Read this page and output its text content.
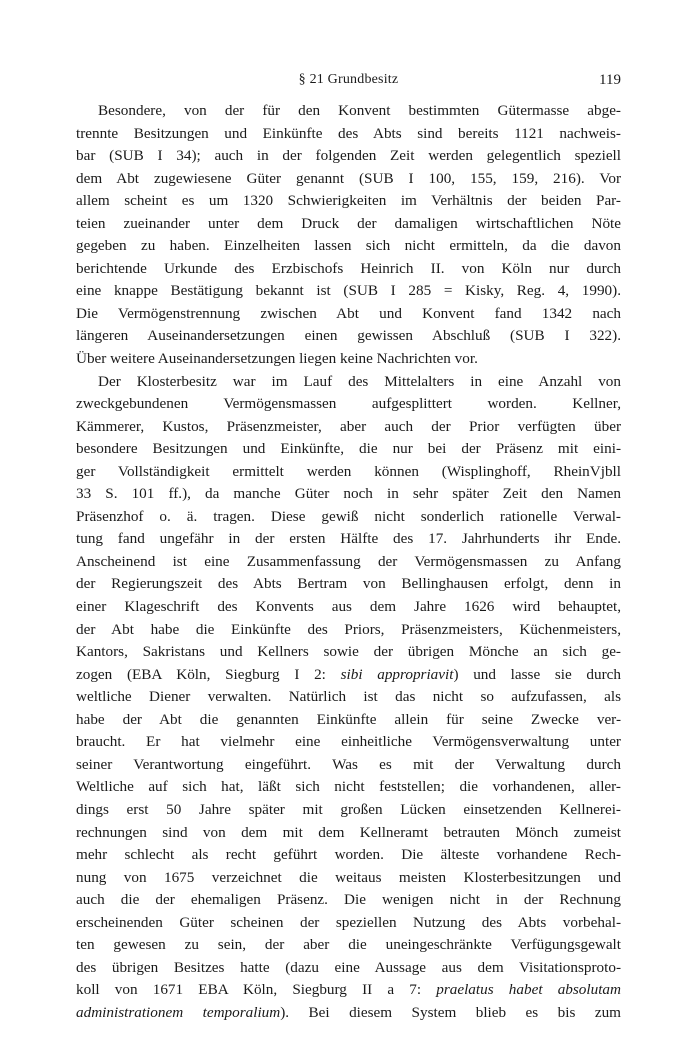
§ 21 Grundbesitz	119
Besondere, von der für den Konvent bestimmten Gütermasse abge-
trennte Besitzungen und Einkünfte des Abts sind bereits 1121 nachweis-
bar (SUB I 34); auch in der folgenden Zeit werden gelegentlich speziell
dem Abt zugewiesene Güter genannt (SUB I 100, 155, 159, 216). Vor
allem scheint es um 1320 Schwierigkeiten im Verhältnis der beiden Par-
teien zueinander unter dem Druck der damaligen wirtschaftlichen Nöte
gegeben zu haben. Einzelheiten lassen sich nicht ermitteln, da die davon
berichtende Urkunde des Erzbischofs Heinrich II. von Köln nur durch
eine knappe Bestätigung bekannt ist (SUB I 285 = Kisky, Reg. 4, 1990).
Die Vermögenstrennung zwischen Abt und Konvent fand 1342 nach
längeren Auseinandersetzungen einen gewissen Abschluß (SUB I 322).
Über weitere Auseinandersetzungen liegen keine Nachrichten vor.
Der Klosterbesitz war im Lauf des Mittelalters in eine Anzahl von
zweckgebundenen Vermögensmassen aufgesplittert worden. Kellner,
Kämmerer, Kustos, Präsenzmeister, aber auch der Prior verfügten über
besondere Besitzungen und Einkünfte, die nur bei der Präsenz mit eini-
ger Vollständigkeit ermittelt werden können (Wisplinghoff, RheinVjbll
33 S. 101 ff.), da manche Güter noch in sehr später Zeit den Namen
Präsenzhof o. ä. tragen. Diese gewiß nicht sonderlich rationelle Verwal-
tung fand ungefähr in der ersten Hälfte des 17. Jahrhunderts ihr Ende.
Anscheinend ist eine Zusammenfassung der Vermögensmassen zu Anfang
der Regierungszeit des Abts Bertram von Bellinghausen erfolgt, denn in
einer Klageschrift des Konvents aus dem Jahre 1626 wird behauptet,
der Abt habe die Einkünfte des Priors, Präsenzmeisters, Küchenmeisters,
Kantors, Sakristans und Kellners sowie der übrigen Mönche an sich ge-
zogen (EBA Köln, Siegburg I 2: sibi appropriavit) und lasse sie durch
weltliche Diener verwalten. Natürlich ist das nicht so aufzufassen, als
habe der Abt die genannten Einkünfte allein für seine Zwecke ver-
braucht. Er hat vielmehr eine einheitliche Vermögensverwaltung unter
seiner Verantwortung eingeführt. Was es mit der Verwaltung durch
Weltliche auf sich hat, läßt sich nicht feststellen; die vorhandenen, aller-
dings erst 50 Jahre später mit großen Lücken einsetzenden Kellnerei-
rechnungen sind von dem mit dem Kellneramt betrauten Mönch zumeist
mehr schlecht als recht geführt worden. Die älteste vorhandene Rech-
nung von 1675 verzeichnet die weitaus meisten Klosterbesitzungen und
auch die der ehemaligen Präsenz. Die wenigen nicht in der Rechnung
erscheinenden Güter scheinen der speziellen Nutzung des Abts vorbehal-
ten gewesen zu sein, der aber die uneingeschränkte Verfügungsgewalt
des übrigen Besitzes hatte (dazu eine Aussage aus dem Visitationsproto-
koll von 1671 EBA Köln, Siegburg II a 7: praelatus habet absolutam
administrationem temporalium). Bei diesem System blieb es bis zum
